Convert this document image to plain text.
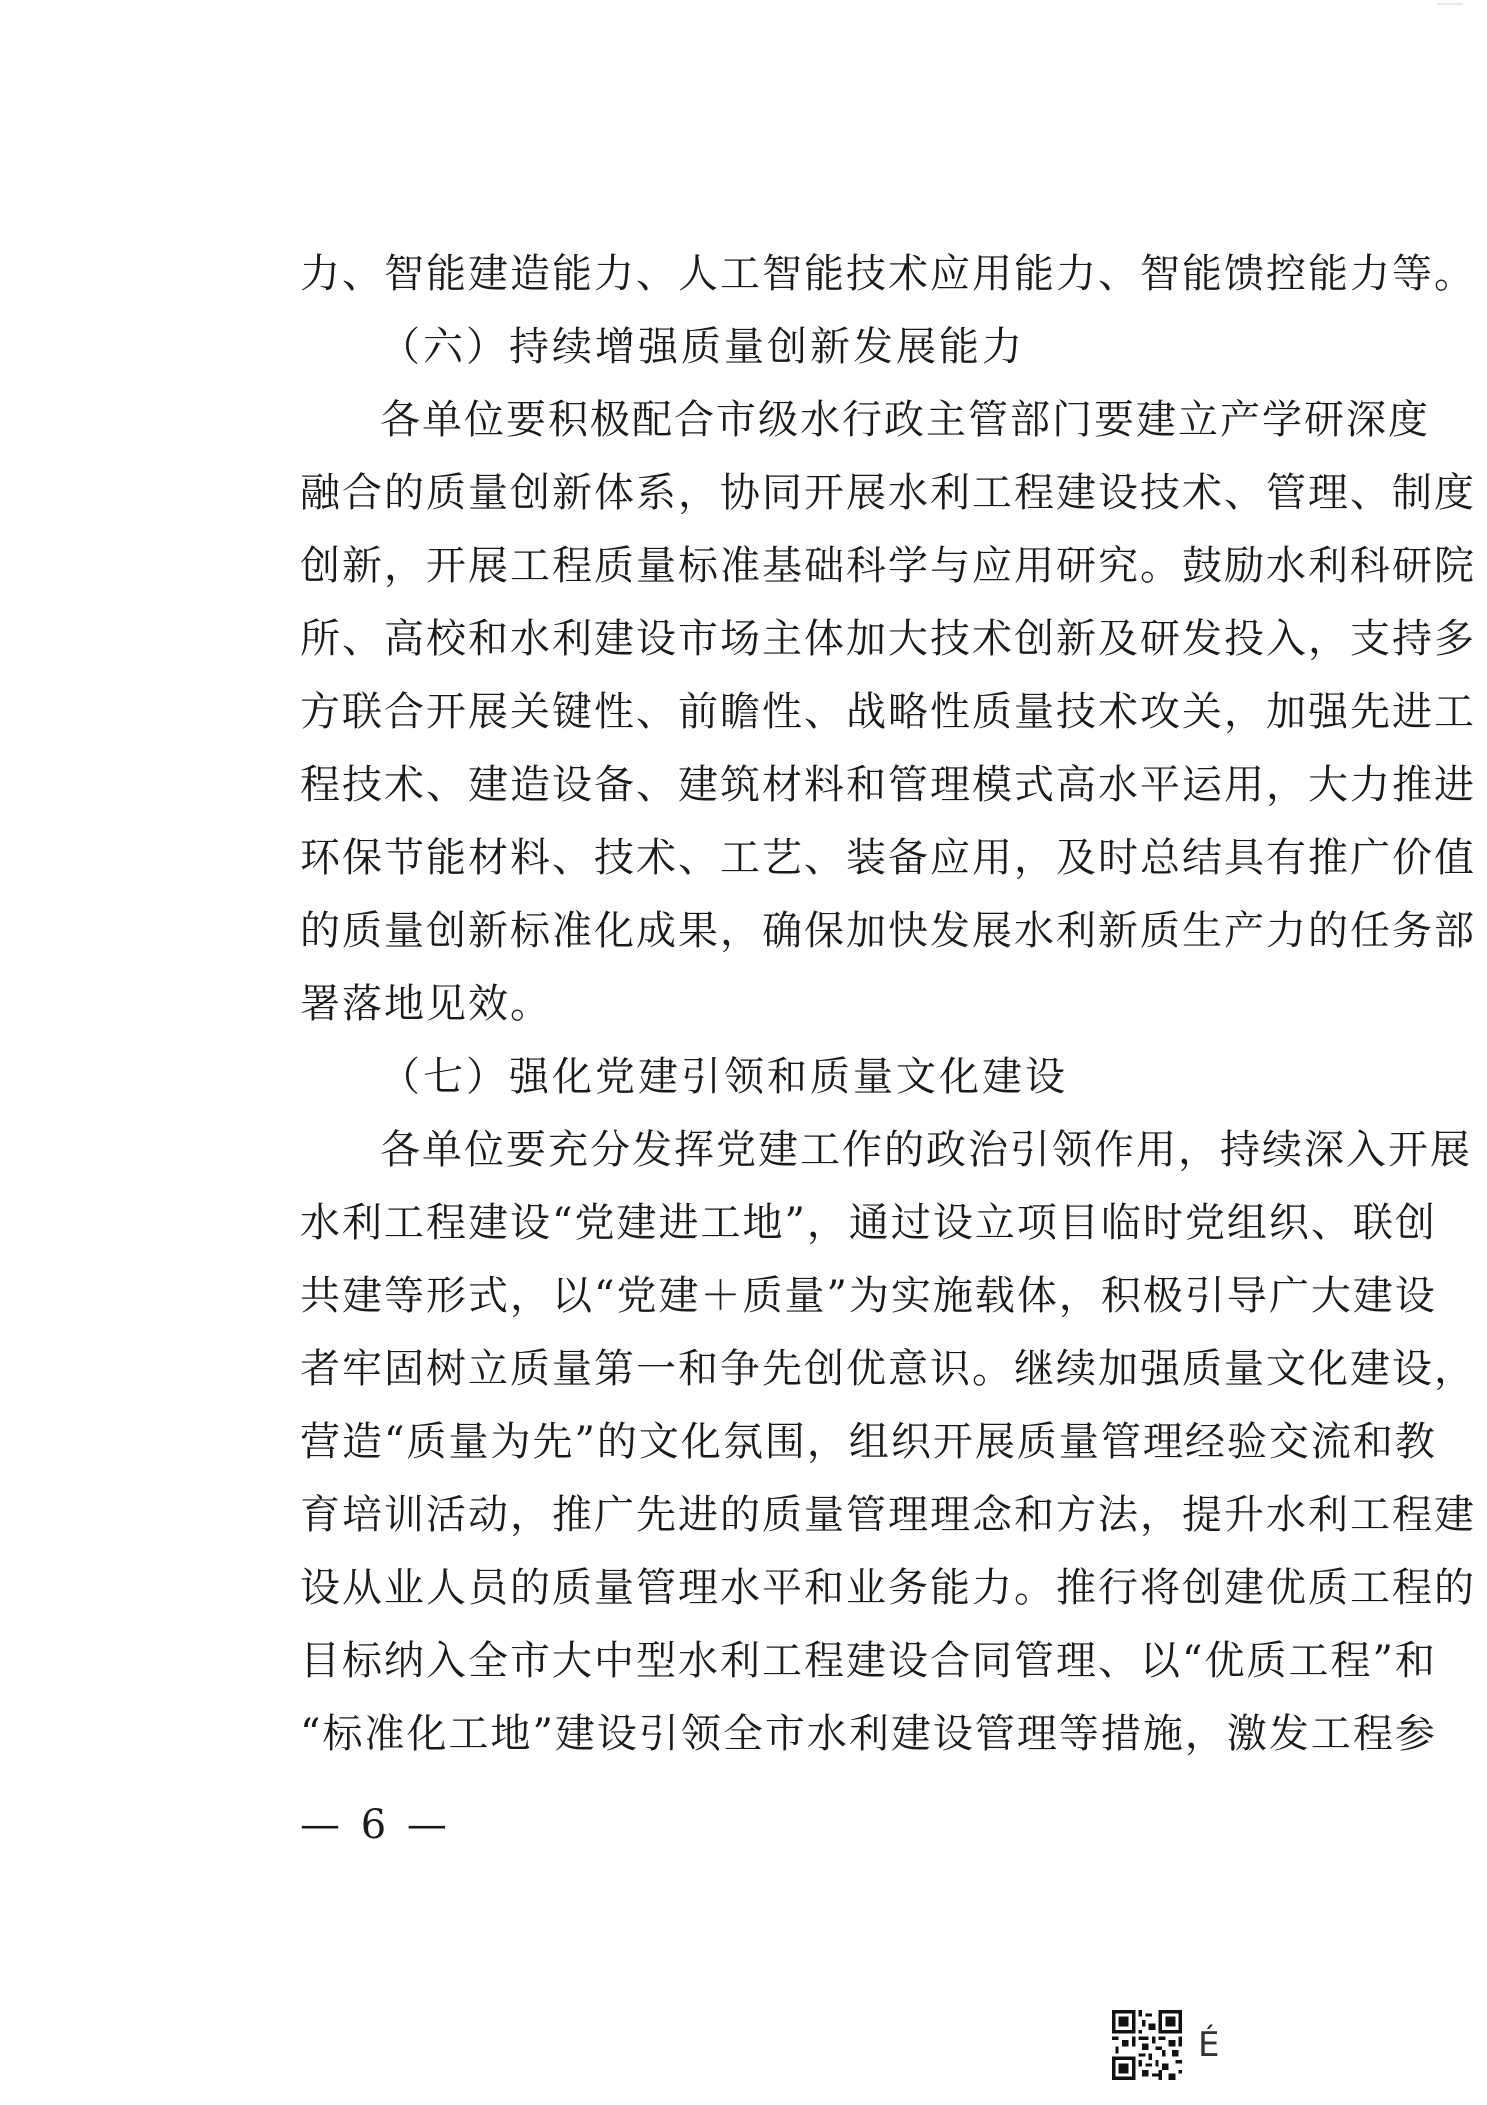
力、智能建造能力、人工智能技术应用能力、智能馈控能力等。
（六）持续增强质量创新发展能力
各单位要积极配合市级水行政主管部门要建立产学研深度
融合的质量创新体系，协同开展水利工程建设技术、管理、制度
创新，开展工程质量标准基础科学与应用研究。鼓励水利科研院
所、高校和水利建设市场主体加大技术创新及研发投入，支持多
方联合开展关键性、前瞻性、战略性质量技术攻关，加强先进工
程技术、建造设备、建筑材料和管理模式高水平运用，大力推进
环保节能材料、技术、工艺、装备应用，及时总结具有推广价值
的质量创新标准化成果，确保加快发展水利新质生产力的任务部
署落地见效。
（七）强化党建引领和质量文化建设
各单位要充分发挥党建工作的政治引领作用，持续深入开展
水利工程建设“党建进工地”，通过设立项目临时党组织、联创
共建等形式，以“党建＋质量”为实施载体，积极引导广大建设
者牢固树立质量第一和争先创优意识。继续加强质量文化建设，
营造“质量为先”的文化氛围，组织开展质量管理经验交流和教
育培训活动，推广先进的质量管理理念和方法，提升水利工程建
设从业人员的质量管理水平和业务能力。推行将创建优质工程的
目标纳入全市大中型水利工程建设合同管理、以“优质工程”和
“标准化工地”建设引领全市水利建设管理等措施，激发工程参
— 6 —
É
